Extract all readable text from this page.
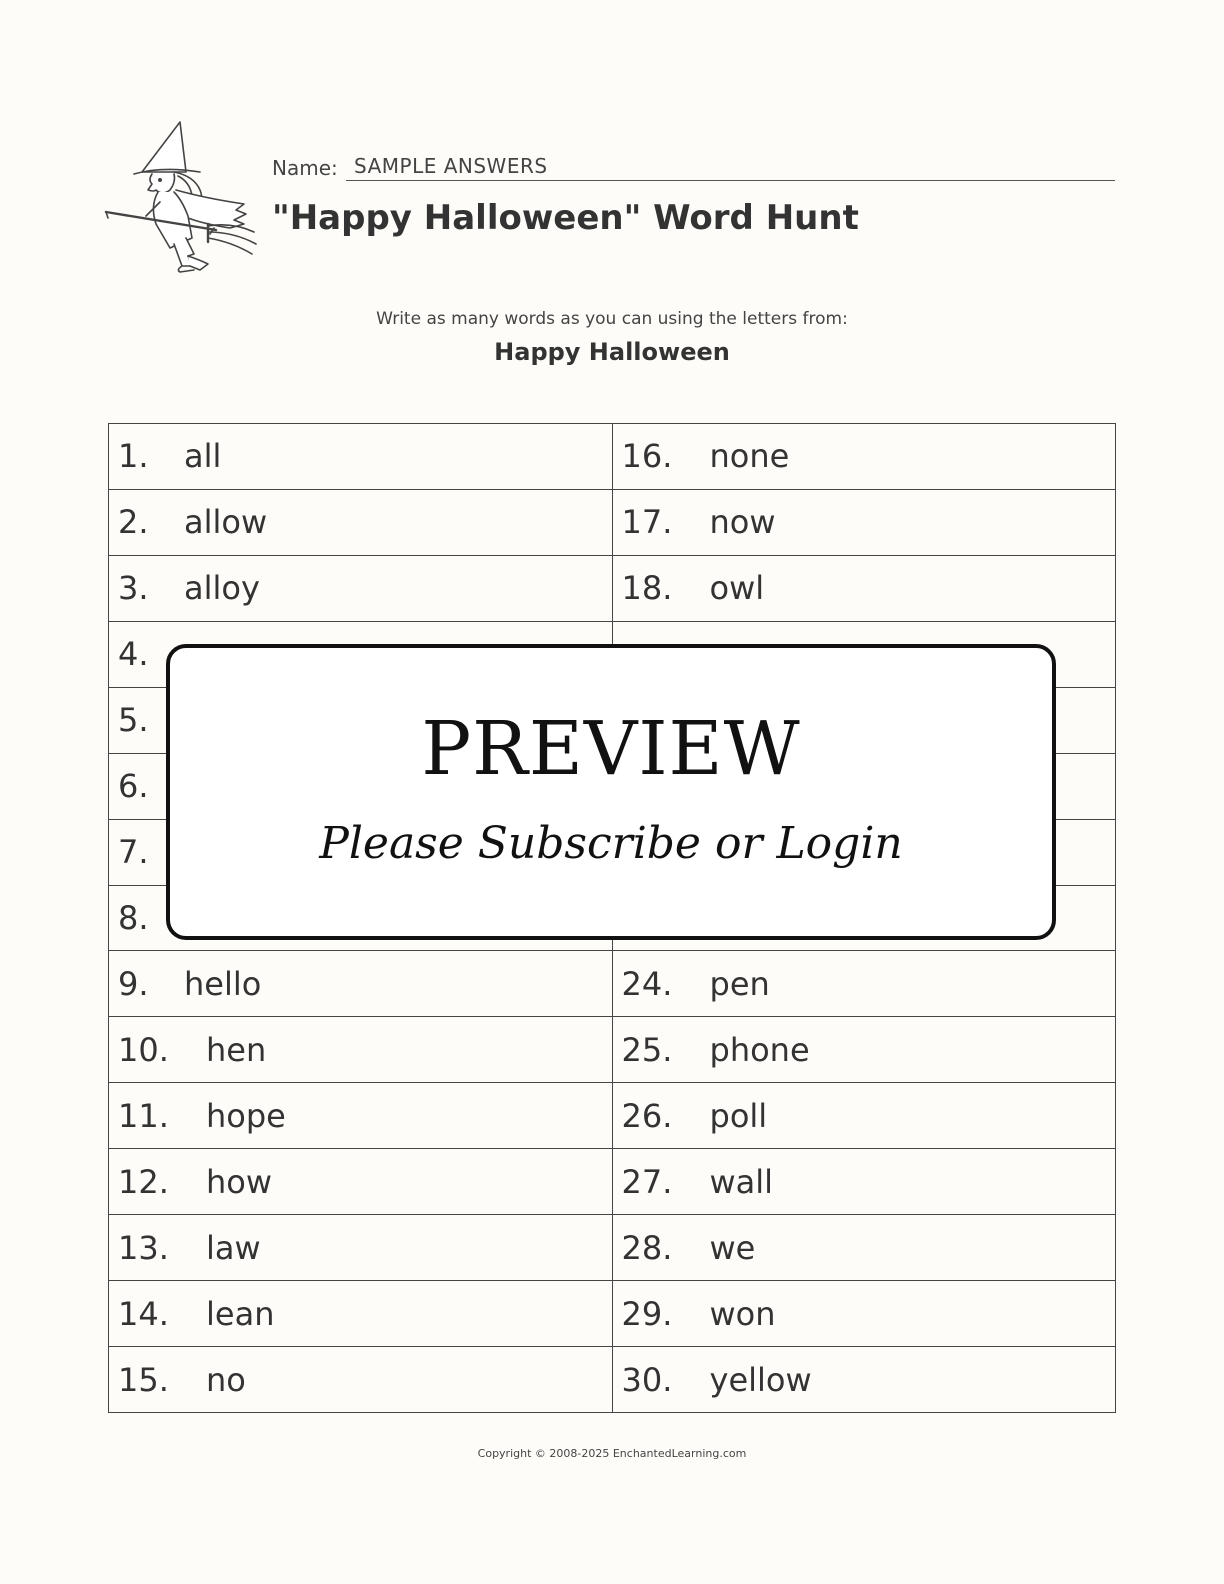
Name: SAMPLE ANSWERS
"Happy Halloween" Word Hunt
Write as many words as you can using the letters from:
Happy Halloween
1.	all	16.	none
2.	allow	17.	now
3.	alloy	18.	owl
4.
5.
6.
7.
8.
9.	hello	24.	pen
10.	hen	25.	phone
11.	hope	26.	poll
12.	how	27.	wall
13.	law	28.	we
14.	lean	29.	won
15.	no	30.	yellow
PREVIEW
Please Subscribe or Login
Copyright © 2008-2025 EnchantedLearning.com
